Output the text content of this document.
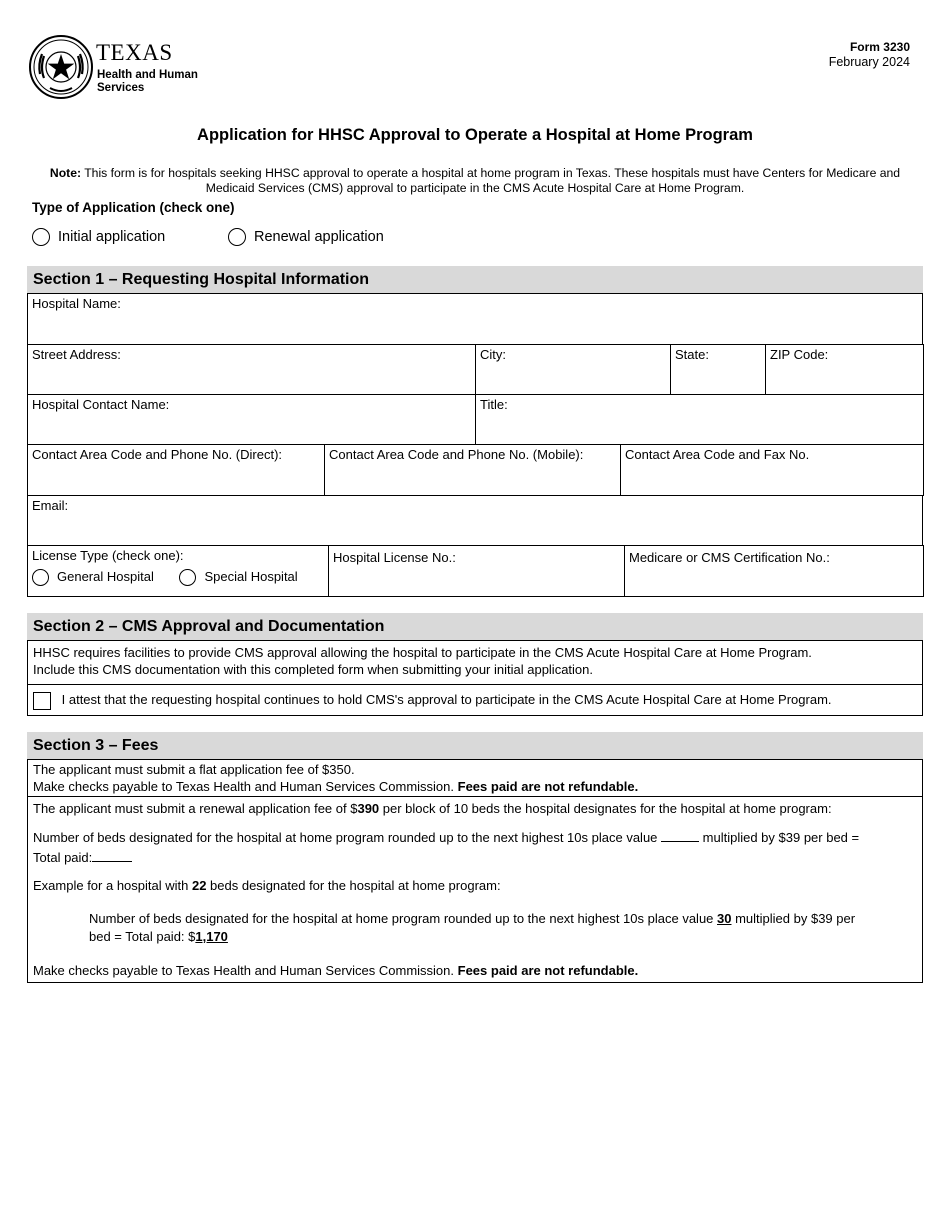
TEXAS
Health and Human
Services
Form 3230
February 2024
Application for HHSC Approval to Operate a Hospital at Home Program
Note: This form is for hospitals seeking HHSC approval to operate a hospital at home program in Texas. These hospitals must have Centers for Medicare and Medicaid Services (CMS) approval to participate in the CMS Acute Hospital Care at Home Program.
Type of Application (check one)
Initial application	Renewal application
Section 1 – Requesting Hospital Information
Hospital Name:
Street Address:	City:	State:	ZIP Code:
Hospital Contact Name:	Title:
Contact Area Code and Phone No. (Direct):	Contact Area Code and Phone No. (Mobile):	Contact Area Code and Fax No.
Email:
License Type (check one):
General Hospital	Special Hospital

Hospital License No.:	Medicare or CMS Certification No.:
Section 2 – CMS Approval and Documentation
HHSC requires facilities to provide CMS approval allowing the hospital to participate in the CMS Acute Hospital Care at Home Program.
Include this CMS documentation with this completed form when submitting your initial application.
I attest that the requesting hospital continues to hold CMS's approval to participate in the CMS Acute Hospital Care at Home Program.
Section 3 – Fees
The applicant must submit a flat application fee of $350.
Make checks payable to Texas Health and Human Services Commission. Fees paid are not refundable.
The applicant must submit a renewal application fee of $390 per block of 10 beds the hospital designates for the hospital at home program:
Number of beds designated for the hospital at home program rounded up to the next highest 10s place value	multiplied by $39 per bed =
Total paid:
Example for a hospital with 22 beds designated for the hospital at home program:
Number of beds designated for the hospital at home program rounded up to the next highest 10s place value 30 multiplied by $39 per
bed = Total paid: $1,170
Make checks payable to Texas Health and Human Services Commission. Fees paid are not refundable.
